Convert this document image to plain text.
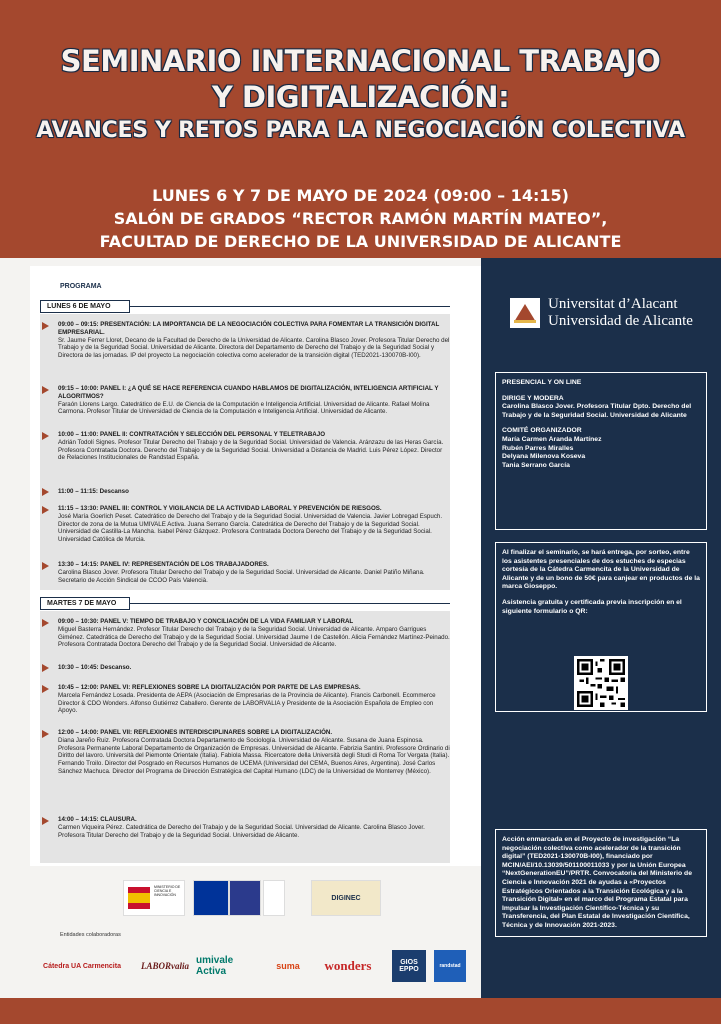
SEMINARIO INTERNACIONAL TRABAJO
Y DIGITALIZACIÓN:
AVANCES Y RETOS PARA LA NEGOCIACIÓN COLECTIVA
LUNES 6 Y 7 DE MAYO DE 2024 (09:00 – 14:15)
SALÓN DE GRADOS “RECTOR RAMÓN MARTÍN MATEO”,
FACULTAD DE DERECHO DE LA UNIVERSIDAD DE ALICANTE
PROGRAMA
LUNES 6 DE MAYO
09:00 – 09:15: PRESENTACIÓN: LA IMPORTANCIA DE LA NEGOCIACIÓN COLECTIVA PARA FOMENTAR LA TRANSICIÓN DIGITAL EMPRESARIAL.
Sr. Jaume Ferrer Lloret, Decano de la Facultad de Derecho de la Universidad de Alicante. Carolina Blasco Jover. Profesora Titular Derecho del Trabajo y de la Seguridad Social. Universidad de Alicante. Directora del Departamento de Derecho del Trabajo y de la Seguridad Social y Directora de las jornadas. IP del proyecto La negociación colectiva como acelerador de la transición digital (TED2021-130070B-I00).
09:15 – 10:00: PANEL I: ¿A QUÉ SE HACE REFERENCIA CUANDO HABLAMOS DE DIGITALIZACIÓN, INTELIGENCIA ARTIFICIAL Y ALGORITMOS?
Faraón Llorens Largo. Catedrático de E.U. de Ciencia de la Computación e Inteligencia Artificial. Universidad de Alicante. Rafael Molina Carmona. Profesor Titular de Universidad de Ciencia de la Computación e Inteligencia Artificial. Universidad de Alicante.
10:00 – 11:00: PANEL II: CONTRATACIÓN Y SELECCIÓN DEL PERSONAL Y TELETRABAJO
Adrián Todolí Signes. Profesor Titular Derecho del Trabajo y de la Seguridad Social. Universidad de Valencia. Aránzazu de las Heras García. Profesora Contratada Doctora. Derecho del Trabajo y de la Seguridad Social. Universidad a Distancia de Madrid. Luis Pérez López. Director de Relaciones Institucionales de Randstad España.
11:00 – 11:15: Descanso
11:15 – 13:30: PANEL III: CONTROL Y VIGILANCIA DE LA ACTIVIDAD LABORAL Y PREVENCIÓN DE RIESGOS.
José María Goerlich Peset. Catedrático de Derecho del Trabajo y de la Seguridad Social. Universidad de Valencia. Javier Lobregad Espuch. Director de zona de la Mutua UMIVALE Activa. Juana Serrano García. Catedrática de Derecho del Trabajo y de la Seguridad Social. Universidad de Castilla-La Mancha. Isabel Pérez Gázquez. Profesora Contratada Doctora Derecho del Trabajo y de la Seguridad Social. Universidad Católica de Murcia.
13:30 – 14:15: PANEL IV: REPRESENTACIÓN DE LOS TRABAJADORES.
Carolina Blasco Jover. Profesora Titular Derecho del Trabajo y de la Seguridad Social. Universidad de Alicante. Daniel Patiño Miñana. Secretario de Acción Sindical de CCOO País Valencià.
MARTES 7 DE MAYO
09:00 – 10:30: PANEL V: TIEMPO DE TRABAJO Y CONCILIACIÓN DE LA VIDA FAMILIAR Y LABORAL
Miguel Basterra Hernández. Profesor Titular Derecho del Trabajo y de la Seguridad Social. Universidad de Alicante. Amparo Garrigues Giménez. Catedrática de Derecho del Trabajo y de la Seguridad Social. Universidad Jaume I de Castellón. Alicia Fernández Martínez-Peinado. Profesora Contratada Doctora Derecho del Trabajo y de la Seguridad Social. Universidad de Alicante.
10:30 – 10:45: Descanso.
10:45 – 12:00: PANEL VI: REFLEXIONES SOBRE LA DIGITALIZACIÓN POR PARTE DE LAS EMPRESAS.
Marcela Fernández Losada. Presidenta de AEPA (Asociación de Empresarias de la Provincia de Alicante). Francis Carbonell. Ecommerce Director & CDO Wonders. Alfonso Gutiérrez Caballero. Gerente de LABORVALIA y Presidente de la Asociación Española de Empleo con Apoyo.
12:00 – 14:00: PANEL VII: REFLEXIONES INTERDISCIPLINARES SOBRE LA DIGITALIZACIÓN.
Diana Jareño Ruiz. Profesora Contratada Doctora Departamento de Sociología. Universidad de Alicante. Susana de Juana Espinosa. Profesora Permanente Laboral Departamento de Organización de Empresas. Universidad de Alicante. Fabrizia Santini. Professore Ordinario di Diritto del lavoro. Università del Piemonte Orientale (Italia). Fabiola Massa. Ricercatore della Università degli Studi di Roma Tor Vergata (Italia). Fernando Troilo. Director del Posgrado en Recursos Humanos de UCEMA (Universidad del CEMA, Buenos Aires, Argentina). José Carlos Sánchez Machuca. Director del Programa de Dirección Estratégica del Capital Humano (LDC) de la Universidad de Monterrey (México).
14:00 – 14:15: CLAUSURA.
Carmen Viqueira Pérez. Catedrática de Derecho del Trabajo y de la Seguridad Social. Universidad de Alicante. Carolina Blasco Jover. Profesora Titular Derecho del Trabajo y de la Seguridad Social. Universidad de Alicante.
Universitat d’Alacant
Universidad de Alicante
PRESENCIAL Y ON LINE
DIRIGE Y MODERA
Carolina Blasco Jover. Profesora Titular Dpto. Derecho del Trabajo y de la Seguridad Social. Universidad de Alicante
COMITÉ ORGANIZADOR
María Carmen Aranda Martínez
Rubén Parres Miralles
Delyana Milenova Koseva
Tania Serrano García
Al finalizar el seminario, se hará entrega, por sorteo, entre los asistentes presenciales de dos estuches de especias cortesía de la Cátedra Carmencita de la Universidad de Alicante y de un bono de 50€ para canjear en productos de la marca Gioseppo.
Asistencia gratuita y certificada previa inscripción en el siguiente formulario o QR:
Acción enmarcada en el Proyecto de investigación “La negociación colectiva como acelerador de la transición digital” (TED2021-130070B-I00), financiado por MCIN/AEI/10.13039/501100011033 y por la Unión Europea “NextGenerationEU”/PRTR. Convocatoria del Ministerio de Ciencia e Innovación 2021 de ayudas a «Proyectos Estratégicos Orientados a la Transición Ecológica y a la Transición Digital» en el marco del Programa Estatal para Impulsar la Investigación Científico-Técnica y su Transferencia, del Plan Estatal de Investigación Científica, Técnica y de Innovación 2021-2023.
MINISTERIO DE CIENCIA E INNOVACIÓN	DIGINEC
Entidades colaboradoras
Cátedra UA Carmencita	LABORvalia umivale Activa	suma	wonders	GIOS EPPO	randstad
